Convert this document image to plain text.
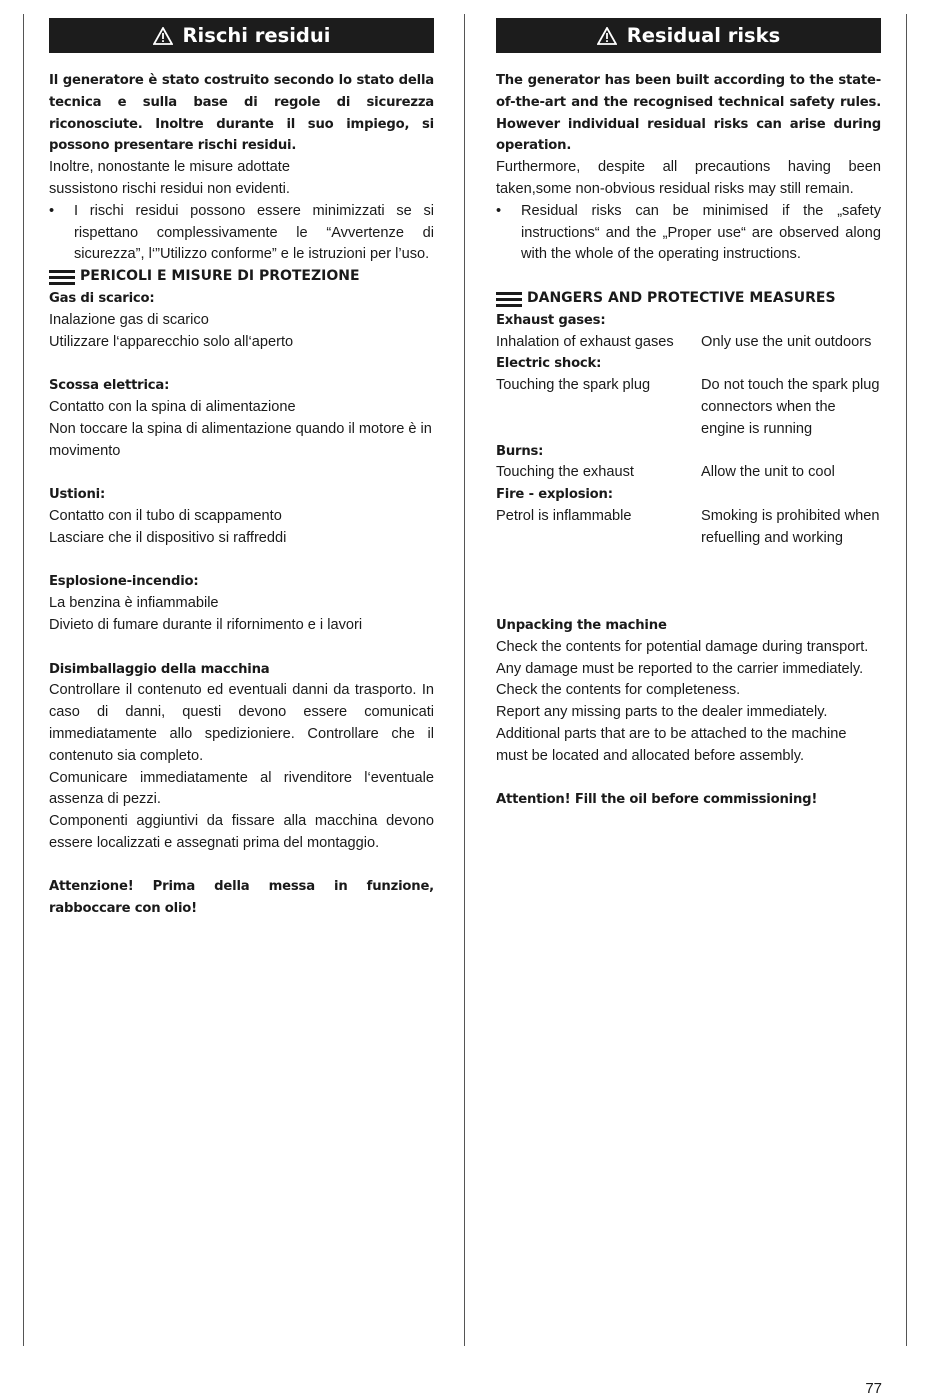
Rischi residui

Il generatore è stato costruito secondo lo stato della tecnica e sulla base di regole di sicurezza riconosciute. Inoltre durante il suo impiego, si possono presentare rischi residui.

Inoltre, nonostante le misure adottate

sussistono rischi residui non evidenti.

•	I rischi residui possono essere minimizzati se si rispettano complessivamente le “Avvertenze di sicurezza”, l‘”Utilizzo conforme” e le istruzioni per l’uso.
PERICOLI E MISURE DI PROTEZIONE

Gas di scarico:

Inalazione gas di scarico

Utilizzare l‘apparecchio solo all‘aperto

Scossa elettrica:

Contatto con la spina di alimentazione

Non toccare la spina di alimentazione quando il motore è in movimento

Ustioni:

Contatto con il tubo di scappamento

Lasciare che il dispositivo si raffreddi

Esplosione-incendio:

La benzina è infiammabile

Divieto di fumare durante il rifornimento e i lavori

Disimballaggio della macchina

Controllare il contenuto ed eventuali danni da trasporto. In caso di danni, questi devono essere comunicati immediatamente allo spedizioniere. Controllare che il contenuto sia completo.

Comunicare immediatamente al rivenditore l‘eventuale assenza di pezzi.

Componenti aggiuntivi da fissare alla macchina devono essere localizzati e assegnati prima del montaggio.

Attenzione! Prima della messa in funzione, rabboccare con olio!

Residual risks

The generator has been built according to the state-of-the-art and the recognised technical safety rules. However individual residual risks can arise during operation.

Furthermore, despite all precautions having been taken,some non-obvious residual risks may still remain.

•	Residual risks can be minimised if the „safety instructions“ and the „Proper use“ are observed along with the whole of the operating instructions.
DANGERS AND PROTECTIVE MEASURES

Exhaust gases:

Inhalation of exhaust gases	Only use the unit outdoors

Electric shock:

Touching the spark plug	Do not touch the spark plug connectors when the engine is running

Burns:

Touching the exhaust	Allow the unit to cool

Fire - explosion:

Petrol is inflammable	Smoking is prohibited when refuelling and working

Unpacking the machine

Check the contents for potential damage during transport.

Any damage must be reported to the carrier immediately.

Check the contents for completeness.

Report any missing parts to the dealer immediately.

Additional parts that are to be attached to the machine must be located and allocated before assembly.

Attention! Fill the oil before commissioning!

77
